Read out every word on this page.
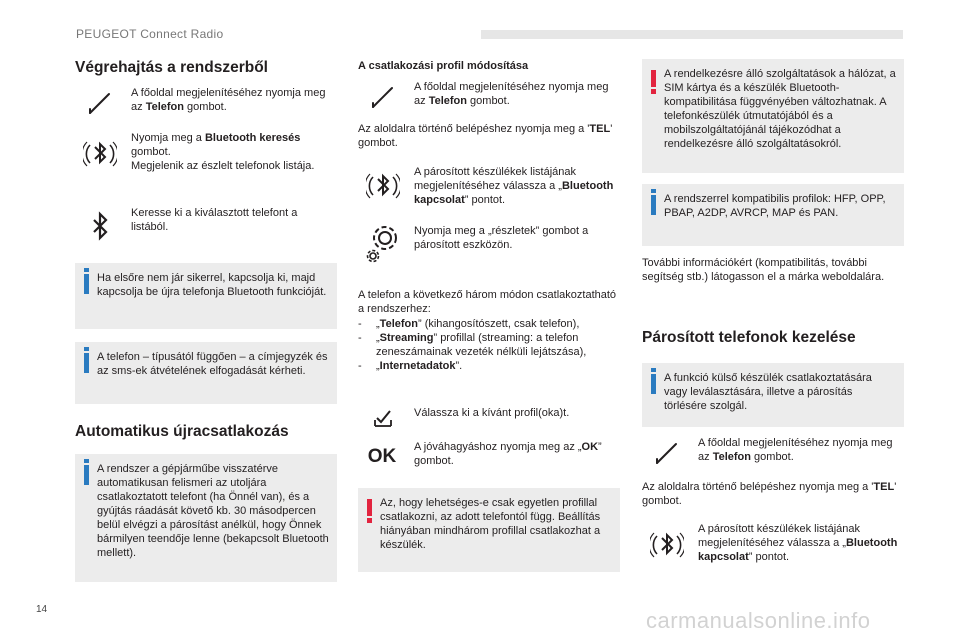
PEUGEOT Connect Radio
Végrehajtás a rendszerből
A főoldal megjelenítéséhez nyomja meg az Telefon gombot.
Nyomja meg a Bluetooth keresés
gombot.
Megjelenik az észlelt telefonok listája.
Keresse ki a kiválasztott telefont a listából.
Ha elsőre nem jár sikerrel, kapcsolja ki, majd kapcsolja be újra telefonja Bluetooth funkcióját.
A telefon – típusától függően – a címjegyzék és az sms-ek átvételének elfogadását kérheti.
Automatikus újracsatlakozás
A rendszer a gépjárműbe visszatérve automatikusan felismeri az utoljára csatlakoztatott telefont (ha Önnél van), és a gyújtás ráadását követő kb. 30 másodpercen belül elvégzi a párosítást anélkül, hogy Önnek bármilyen teendője lenne (bekapcsolt Bluetooth mellett).
A csatlakozási profil módosítása
A főoldal megjelenítéséhez nyomja meg az Telefon gombot.
Az aloldalra történő belépéshez nyomja meg a 'TEL' gombot.
A párosított készülékek listájának megjelenítéséhez válassza a „Bluetooth kapcsolat” pontot.
Nyomja meg a „részletek” gombot a párosított eszközön.
A telefon a következő három módon csatlakoztatható a rendszerhez:
-	„Telefon” (kihangosítószett, csak telefon),
-	„Streaming” profillal (streaming: a telefon zeneszámainak vezeték nélküli lejátszása),
-	„Internetadatok”.
Válassza ki a kívánt profil(oka)t.
OK	A jóváhagyáshoz nyomja meg az „OK” gombot.
Az, hogy lehetséges-e csak egyetlen profillal csatlakozni, az adott telefontól függ. Beállítás hiányában mindhárom profillal csatlakozhat a készülék.
A rendelkezésre álló szolgáltatások a hálózat, a SIM kártya és a készülék Bluetooth-kompatibilitása függvényében változhatnak. A telefonkészülék útmutatójából és a mobilszolgáltatójánál tájékozódhat a rendelkezésre álló szolgáltatásokról.
A rendszerrel kompatibilis profilok: HFP, OPP, PBAP, A2DP, AVRCP, MAP és PAN.
További információkért (kompatibilitás, további segítség stb.) látogasson el a márka weboldalára.
Párosított telefonok kezelése
A funkció külső készülék csatlakoztatására vagy leválasztására, illetve a párosítás törlésére szolgál.
A főoldal megjelenítéséhez nyomja meg az Telefon gombot.
Az aloldalra történő belépéshez nyomja meg a 'TEL' gombot.
A párosított készülékek listájának megjelenítéséhez válassza a „Bluetooth kapcsolat” pontot.
14	carmanualsonline.info
